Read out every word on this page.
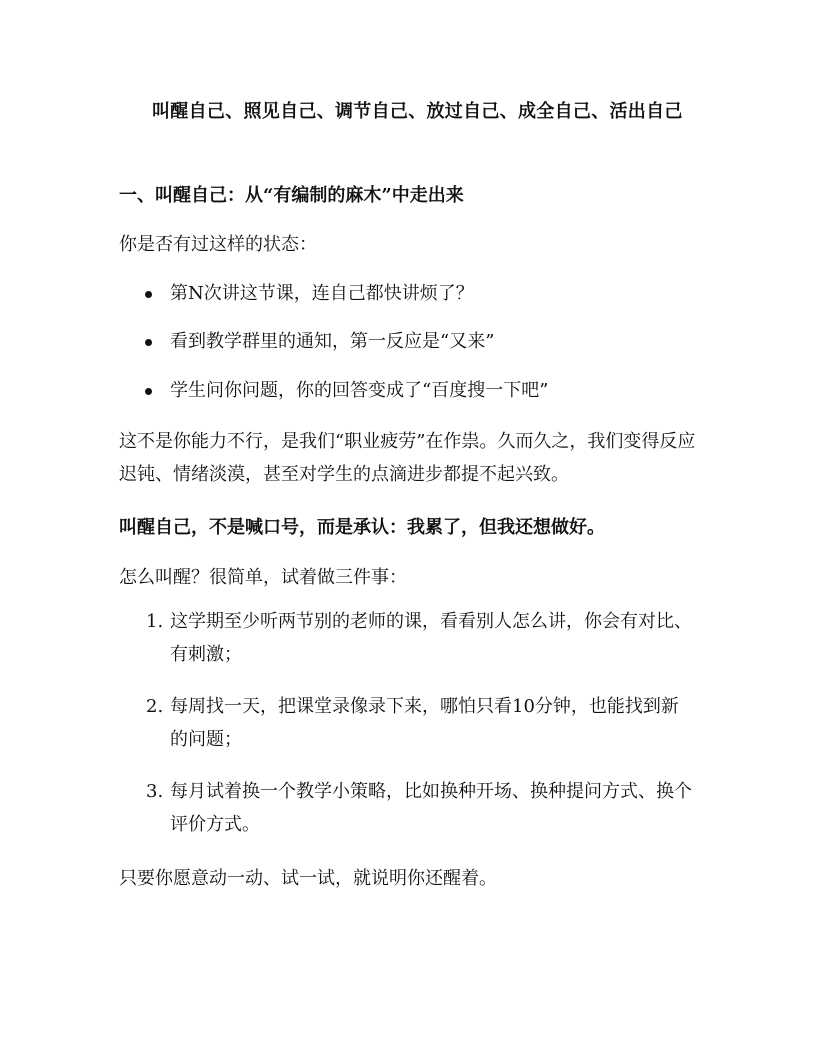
叫醒自己、照见自己、调节自己、放过自己、成全自己、活出自己
一、叫醒自己：从“有编制的麻木”中走出来
你是否有过这样的状态：
第N次讲这节课，连自己都快讲烦了？
看到教学群里的通知，第一反应是“又来”
学生问你问题，你的回答变成了“百度搜一下吧”
这不是你能力不行，是我们“职业疲劳”在作祟。久而久之，我们变得反应迟钝、情绪淡漠，甚至对学生的点滴进步都提不起兴致。
叫醒自己，不是喊口号，而是承认：我累了，但我还想做好。
怎么叫醒？很简单，试着做三件事：
1. 这学期至少听两节别的老师的课，看看别人怎么讲，你会有对比、有刺激；
2. 每周找一天，把课堂录像录下来，哪怕只看10分钟，也能找到新的问题；
3. 每月试着换一个教学小策略，比如换种开场、换种提问方式、换个评价方式。
只要你愿意动一动、试一试，就说明你还醒着。
